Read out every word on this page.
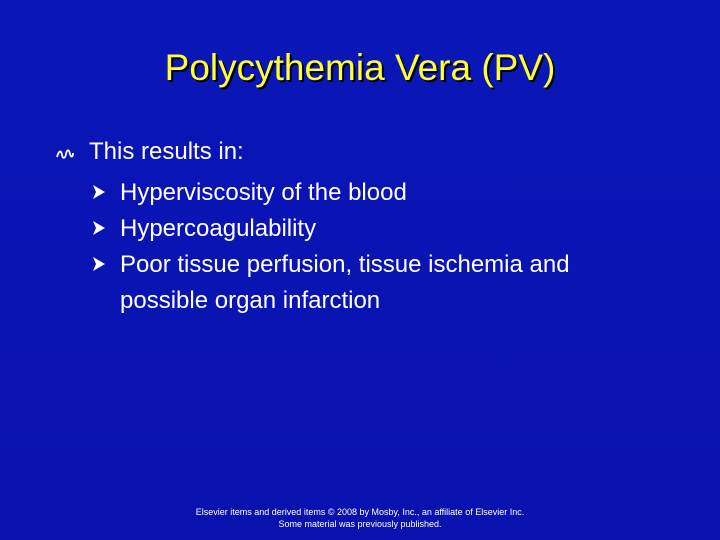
Polycythemia Vera (PV)
This results in:
Hyperviscosity of the blood
Hypercoagulability
Poor tissue perfusion, tissue ischemia and possible organ infarction
Elsevier items and derived items © 2008 by Mosby, Inc., an affiliate of Elsevier Inc.
Some material was previously published.
